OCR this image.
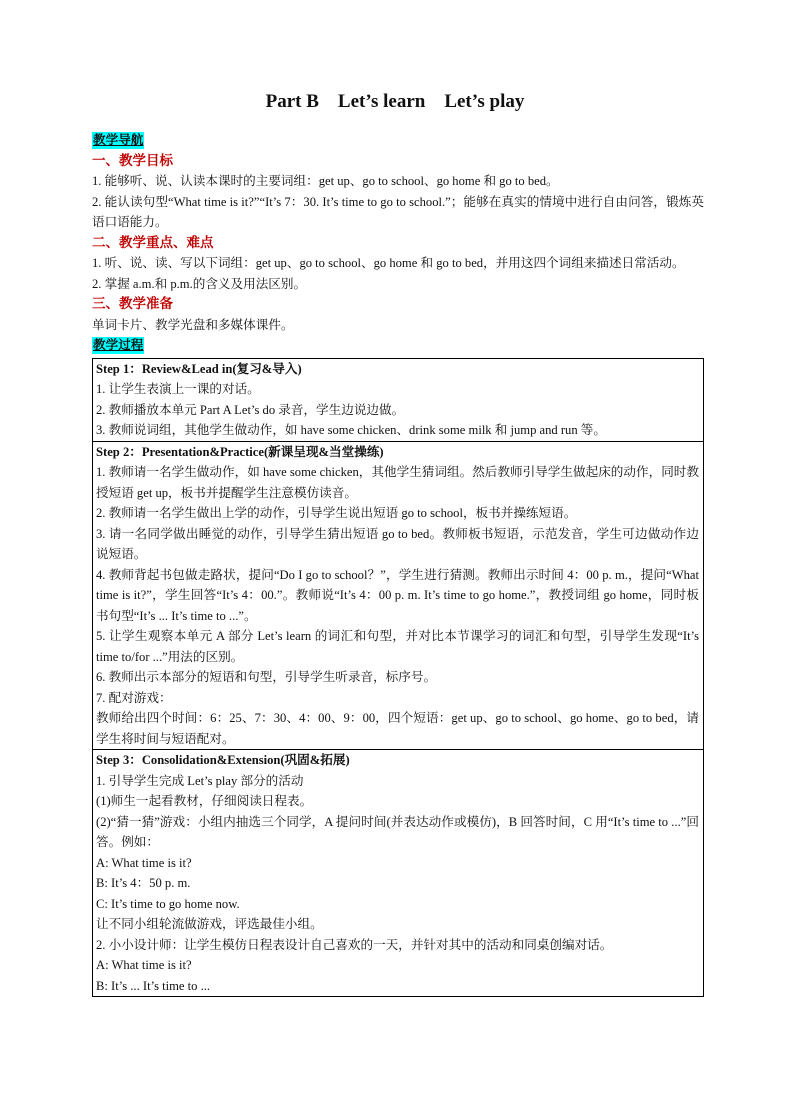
Part B　Let’s learn　Let’s play

教学导航

一、教学目标

1. 能够听、说、认读本课时的主要词组：get up、go to school、go home 和 go to bed。

2. 能认读句型“What time is it?”“It’s 7：30. It’s time to go to school.”；能够在真实的情境中进行自由问答，锻炼英语口语能力。

二、教学重点、难点

1. 听、说、读、写以下词组：get up、go to school、go home 和 go to bed，并用这四个词组来描述日常活动。

2. 掌握 a.m.和 p.m.的含义及用法区别。

三、教学准备

单词卡片、教学光盘和多媒体课件。

教学过程

Step 1：Review&Lead in(复习&导入)

1. 让学生表演上一课的对话。

2. 教师播放本单元 Part A Let’s do 录音，学生边说边做。

3. 教师说词组，其他学生做动作，如 have some chicken、drink some milk 和 jump and run 等。

Step 2：Presentation&Practice(新课呈现&当堂操练)

1. 教师请一名学生做动作，如 have some chicken，其他学生猜词组。然后教师引导学生做起床的动作，同时教授短语 get up，板书并提醒学生注意模仿读音。

2. 教师请一名学生做出上学的动作，引导学生说出短语 go to school，板书并操练短语。

3. 请一名同学做出睡觉的动作，引导学生猜出短语 go to bed。教师板书短语，示范发音，学生可边做动作边说短语。

4. 教师背起书包做走路状，提问“Do I go to school？”，学生进行猜测。教师出示时间 4：00 p. m.，提问“What time is it?”，学生回答“It’s 4：00.”。教师说“It’s 4：00 p. m. It’s time to go home.”，教授词组 go home，同时板书句型“It’s ... It’s time to ...”。

5. 让学生观察本单元 A 部分 Let’s learn 的词汇和句型，并对比本节课学习的词汇和句型，引导学生发现“It’s time to/for ...”用法的区别。

6. 教师出示本部分的短语和句型，引导学生听录音，标序号。

7. 配对游戏：

教师给出四个时间：6：25、7：30、4：00、9：00，四个短语：get up、go to school、go home、go to bed，请学生将时间与短语配对。

Step 3：Consolidation&Extension(巩固&拓展)

1. 引导学生完成 Let’s play 部分的活动

(1)师生一起看教材，仔细阅读日程表。

(2)“猜一猜”游戏：小组内抽选三个同学，A 提问时间(并表达动作或模仿)，B 回答时间，C 用“It’s time to ...”回答。例如：

A: What time is it?

B: It’s 4：50 p. m.

C: It’s time to go home now.

让不同小组轮流做游戏，评选最佳小组。

2. 小小设计师：让学生模仿日程表设计自己喜欢的一天，并针对其中的活动和同桌创编对话。

A: What time is it?

B: It’s ... It’s time to ...
